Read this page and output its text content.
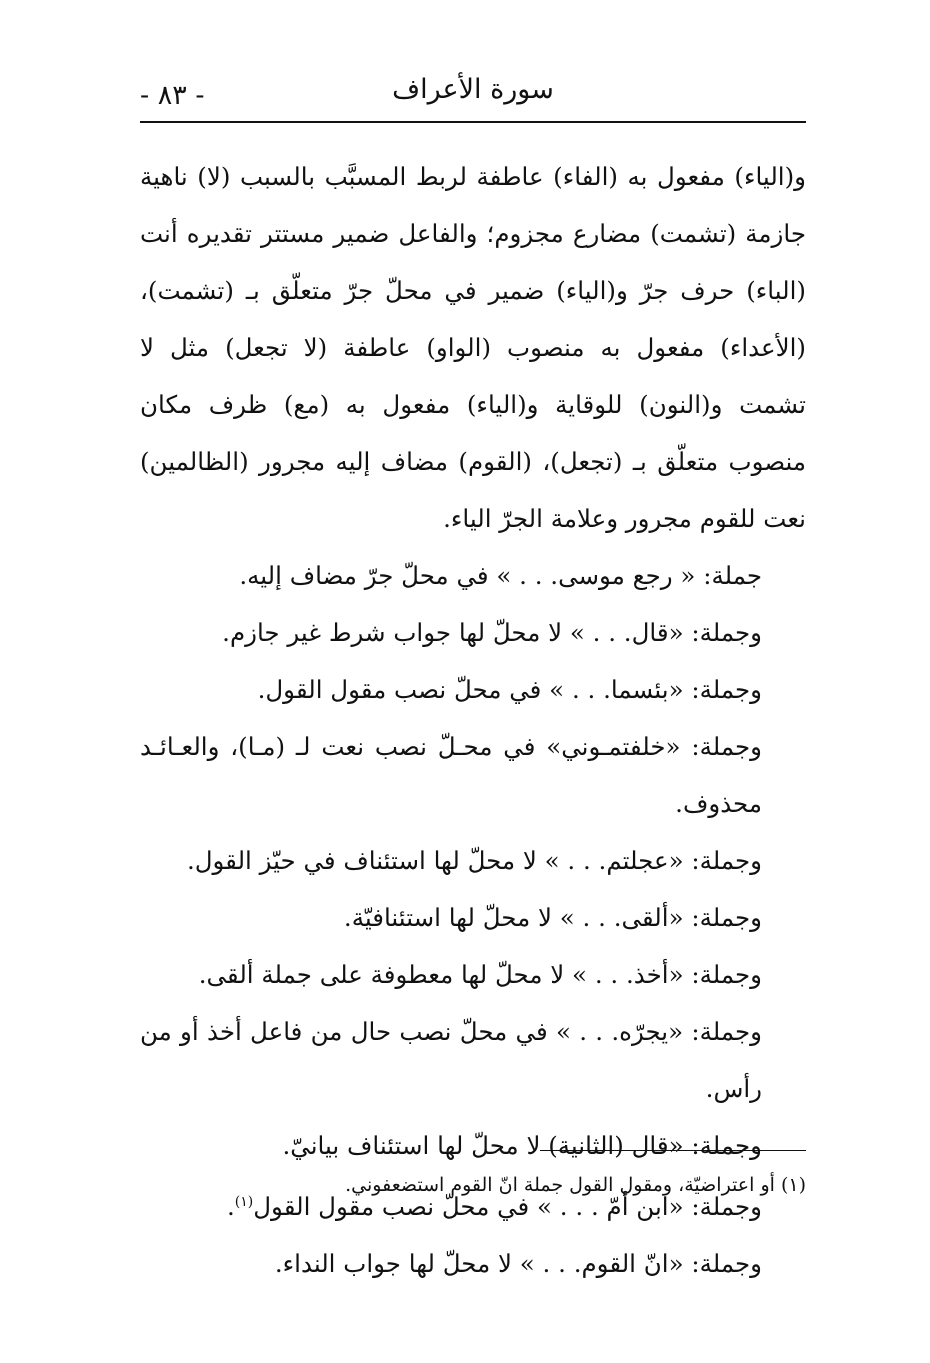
- ٨٣ -	سورة الأعراف

و(الياء) مفعول به (الفاء) عاطفة لربط المسبَّب بالسبب (لا) ناهية جازمة (تشمت) مضارع مجزوم؛ والفاعل ضمير مستتر تقديره أنت (الباء) حرف جرّ و(الياء) ضمير في محلّ جرّ متعلّق بـ (تشمت)، (الأعداء) مفعول به منصوب (الواو) عاطفة (لا تجعل) مثل لا تشمت و(النون) للوقاية و(الياء) مفعول به (مع) ظرف مكان منصوب متعلّق بـ (تجعل)، (القوم) مضاف إليه مجرور (الظالمين) نعت للقوم مجرور وعلامة الجرّ الياء.

جملة: « رجع موسى. . . » في محلّ جرّ مضاف إليه.

وجملة: «قال. . . » لا محلّ لها جواب شرط غير جازم.

وجملة: «بئسما. . . » في محلّ نصب مقول القول.

وجملة: «خلفتمـوني» في محـلّ نصب نعت لـ (مـا)، والعـائـد محذوف.

وجملة: «عجلتم. . . » لا محلّ لها استئناف في حيّز القول.

وجملة: «ألقى. . . » لا محلّ لها استئنافيّة.

وجملة: «أخذ. . . » لا محلّ لها معطوفة على جملة ألقى.

وجملة: «يجرّه. . . » في محلّ نصب حال من فاعل أخذ أو من رأس.

وجملة: «قال (الثانية) لا محلّ لها استئناف بيانيّ.

وجملة: «ابن أمّ . . . » في محلّ نصب مقول القول$^{(١)}$.

وجملة: «انّ القوم. . . » لا محلّ لها جواب النداء.

(١) أو اعتراضيّة، ومقول القول جملة انّ القوم استضعفوني.
